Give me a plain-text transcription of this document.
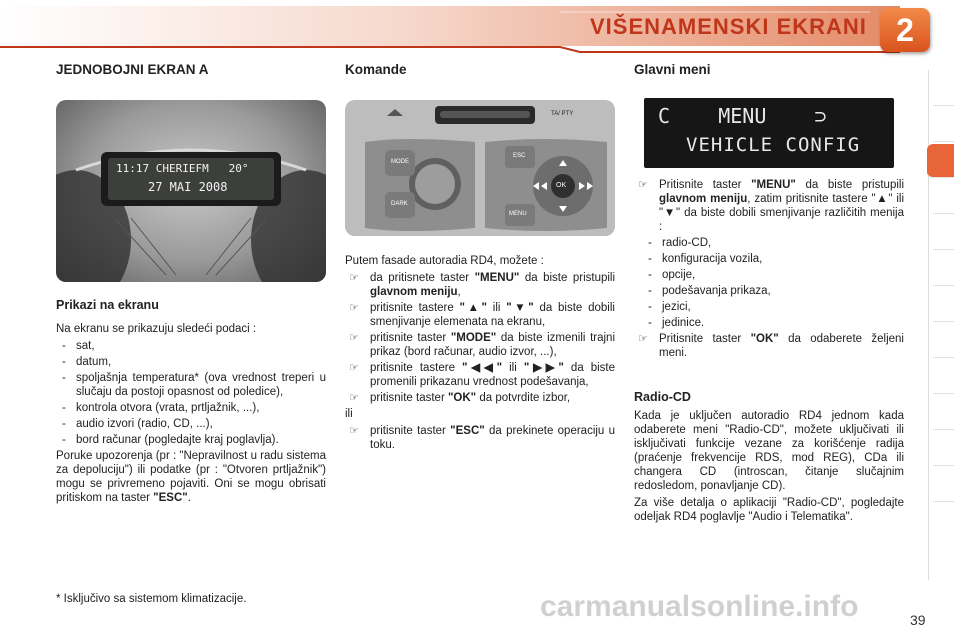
VIŠENAMENSKI EKRANI 2
JEDNOBOJNI EKRAN A
11:17 CHERIEFM   20°
27 MAI 2008
Prikazi na ekranu

Na ekranu se prikazuju sledeći podaci :

- sat,
- datum,
- spoljašnja temperatura* (ova vrednost treperi u slučaju da postoji opasnost od poledice),
- kontrola otvora (vrata, prtljažnik, ...),
- audio izvori (radio, CD, ...),
- bord računar (pogledajte kraj poglavlja).

Poruke upozorenja (pr : "Nepravilnost u radu sistema za depoluciju") ili podatke (pr : "Otvoren prtljažnik") mogu se privremeno pojaviti. Oni se mogu obrisati pritiskom na taster "ESC".

* Isključivo sa sistemom klimatizacije.
Komande
TA/ PTY
MODE
DARK
ESC
MENU
OK

Putem fasade autoradia RD4, možete :

☞ da pritisnete taster "MENU" da biste pristupili glavnom meniju,
☞ pritisnite tastere "▲" ili "▼" da biste dobili smenjivanje elemenata na ekranu,
☞ pritisnite taster "MODE" da biste izmenili trajni prikaz (bord računar, audio izvor, ...),
☞ pritisnite tastere "◀◀" ili "▶▶" da biste promenili prikazanu vrednost podešavanja,
☞ pritisnite taster "OK" da potvrdite izbor,

ili

☞ pritisnite taster "ESC" da prekinete operaciju u toku.
Glavni meni
C    MENU    ⊃
VEHICLE CONFIG
☞ Pritisnite taster "MENU" da biste pristupili glavnom meniju, zatim pritisnite tastere "▲" ili "▼" da biste dobili smenjivanje različitih menija :
- radio-CD,
- konfiguracija vozila,
- opcije,
- podešavanja prikaza,
- jezici,
- jedinice.
☞ Pritisnite taster "OK" da odaberete željeni meni.
Radio-CD

Kada je uključen autoradio RD4 jednom kada odaberete meni "Radio-CD", možete uključivati ili isključivati funkcije vezane za korišćenje radija (praćenje frekvencije RDS, mod REG), CDa ili changera CD (introscan, čitanje slučajnim redosledom, ponavljanje CD).

Za više detalja o aplikaciji "Radio-CD", pogledajte odeljak RD4 poglavlje "Audio i Telematika".

carmanualsonline.info	39
